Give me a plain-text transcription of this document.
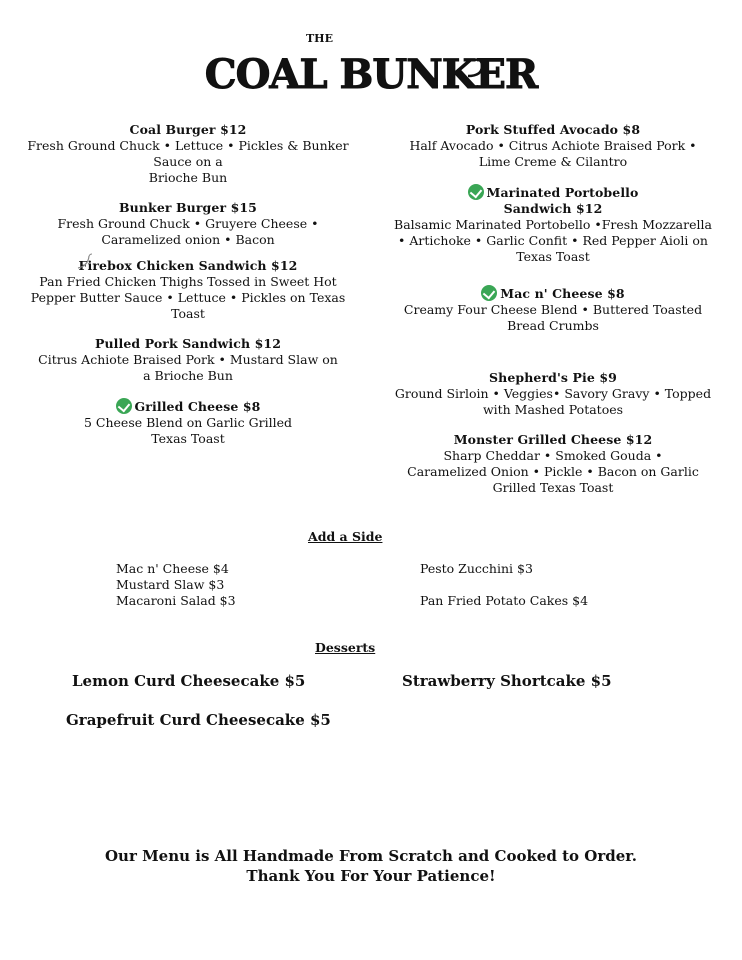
THE
COAL BUNKER
Coal Burger $12
Fresh Ground Chuck • Lettuce • Pickles & Bunker
Sauce on a
Brioche Bun
Bunker Burger $15
Fresh Ground Chuck • Gruyere Cheese •
Caramelized onion • Bacon
Firebox Chicken Sandwich $12
Pan Fried Chicken Thighs Tossed in Sweet Hot
Pepper Butter Sauce • Lettuce • Pickles on Texas
Toast
Pulled Pork Sandwich $12
Citrus Achiote Braised Pork • Mustard Slaw on
a Brioche Bun
Grilled Cheese $8
5 Cheese Blend on Garlic Grilled
Texas Toast
Pork Stuffed Avocado $8
Half Avocado • Citrus Achiote Braised Pork •
Lime Creme & Cilantro
Marinated Portobello
Sandwich $12
Balsamic Marinated Portobello •Fresh Mozzarella
• Artichoke • Garlic Confit • Red Pepper Aioli on
Texas Toast
Mac n' Cheese $8
Creamy Four Cheese Blend • Buttered Toasted
Bread Crumbs
Shepherd's Pie $9
Ground Sirloin • Veggies• Savory Gravy • Topped
with Mashed Potatoes
Monster Grilled Cheese $12
Sharp Cheddar • Smoked Gouda •
Caramelized Onion • Pickle • Bacon on Garlic
Grilled Texas Toast
Add a Side
Mac n' Cheese $4
Mustard Slaw $3
Macaroni Salad $3
Pesto Zucchini $3
Pan Fried Potato Cakes $4
Desserts
Lemon Curd Cheesecake $5	Strawberry Shortcake $5
Grapefruit Curd Cheesecake $5
Our Menu is All Handmade From Scratch and Cooked to Order.
Thank You For Your Patience!
